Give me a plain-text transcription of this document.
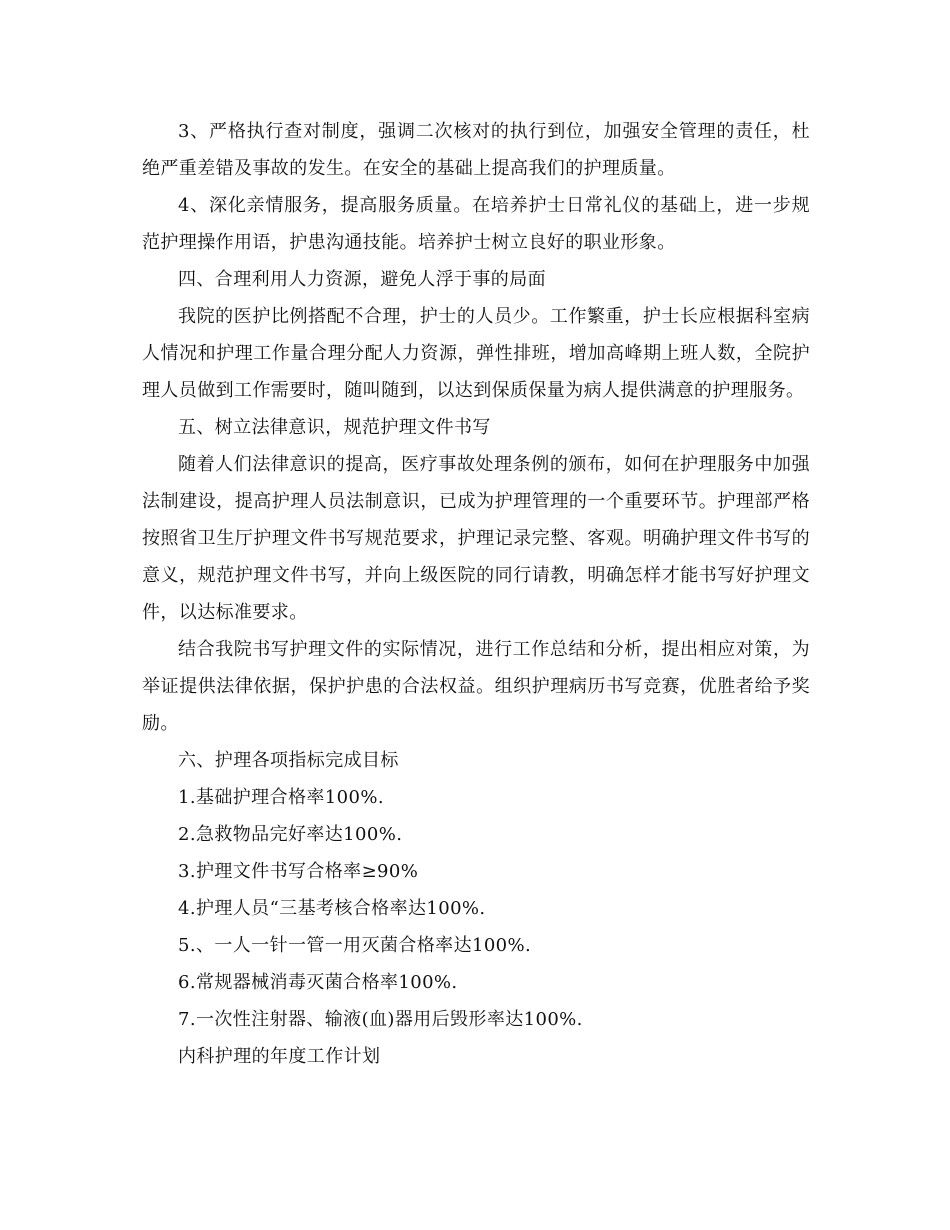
3、严格执行查对制度，强调二次核对的执行到位，加强安全管理的责任，杜绝严重差错及事故的发生。在安全的基础上提高我们的护理质量。

4、深化亲情服务，提高服务质量。在培养护士日常礼仪的基础上，进一步规范护理操作用语，护患沟通技能。培养护士树立良好的职业形象。

四、合理利用人力资源，避免人浮于事的局面

我院的医护比例搭配不合理，护士的人员少。工作繁重，护士长应根据科室病人情况和护理工作量合理分配人力资源，弹性排班，增加高峰期上班人数，全院护理人员做到工作需要时，随叫随到，以达到保质保量为病人提供满意的护理服务。

五、树立法律意识，规范护理文件书写

随着人们法律意识的提高，医疗事故处理条例的颁布，如何在护理服务中加强法制建设，提高护理人员法制意识，已成为护理管理的一个重要环节。护理部严格按照省卫生厅护理文件书写规范要求，护理记录完整、客观。明确护理文件书写的意义，规范护理文件书写，并向上级医院的同行请教，明确怎样才能书写好护理文件，以达标准要求。

结合我院书写护理文件的实际情况，进行工作总结和分析，提出相应对策，为举证提供法律依据，保护护患的合法权益。组织护理病历书写竞赛，优胜者给予奖励。

六、护理各项指标完成目标

1.基础护理合格率100%.

2.急救物品完好率达100%.

3.护理文件书写合格率≥90%

4.护理人员“三基考核合格率达100%.

5.、一人一针一管一用灭菌合格率达100%.

6.常规器械消毒灭菌合格率100%.

7.一次性注射器、输液(血)器用后毁形率达100%.

内科护理的年度工作计划
